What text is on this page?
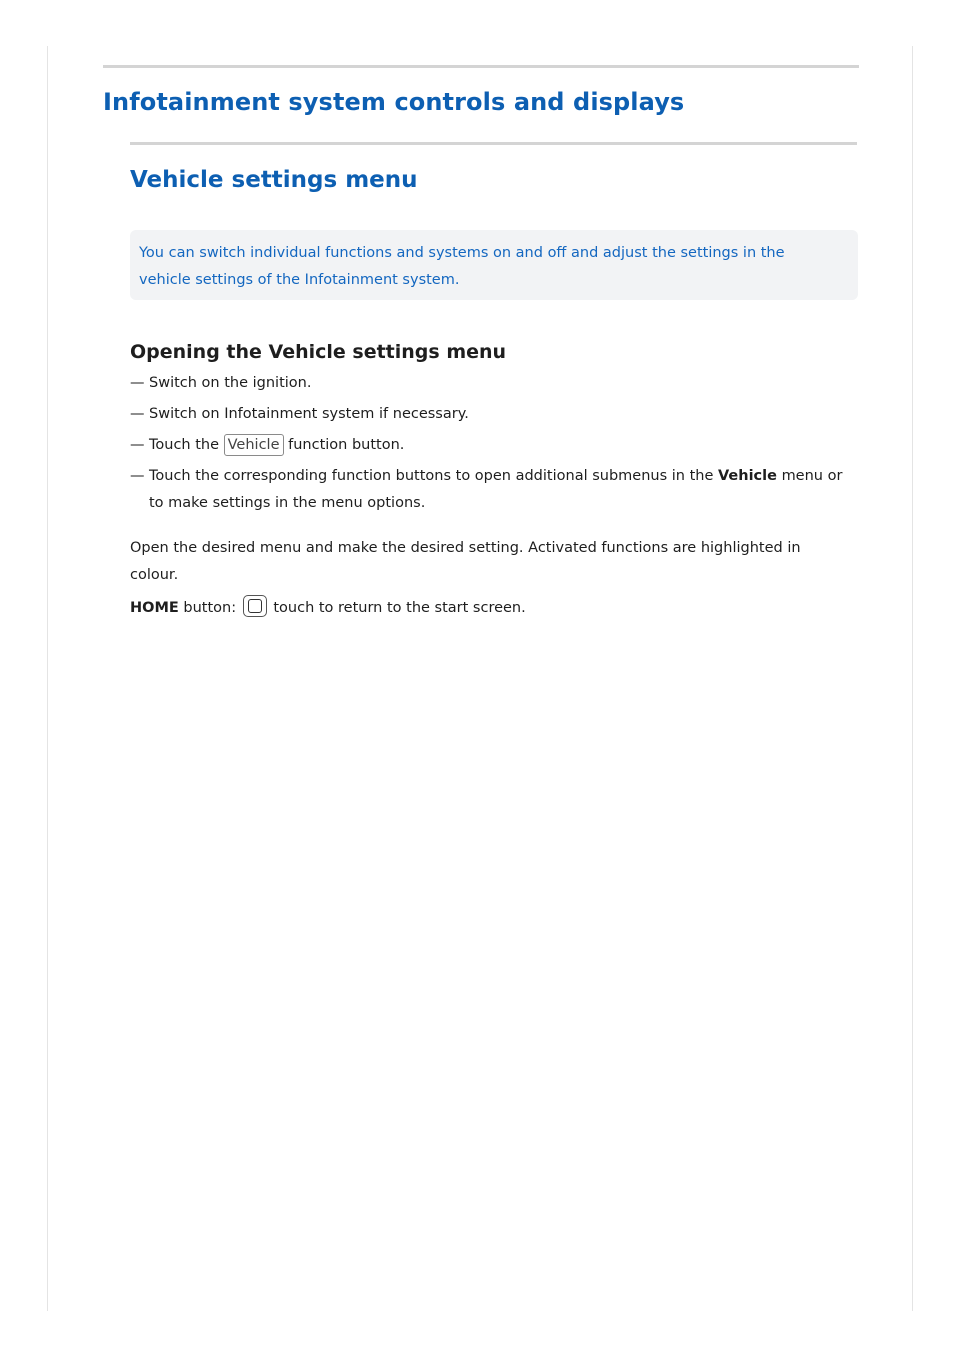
Infotainment system controls and displays
Vehicle settings menu

You can switch individual functions and systems on and off and adjust the settings in the vehicle settings of the Infotainment system.

Opening the Vehicle settings menu
— Switch on the ignition.
— Switch on Infotainment system if necessary.
— Touch the Vehicle function button.
— Touch the corresponding function buttons to open additional submenus in the Vehicle menu or to make settings in the menu options.

Open the desired menu and make the desired setting. Activated functions are highlighted in colour.

HOME button:	touch to return to the start screen.
